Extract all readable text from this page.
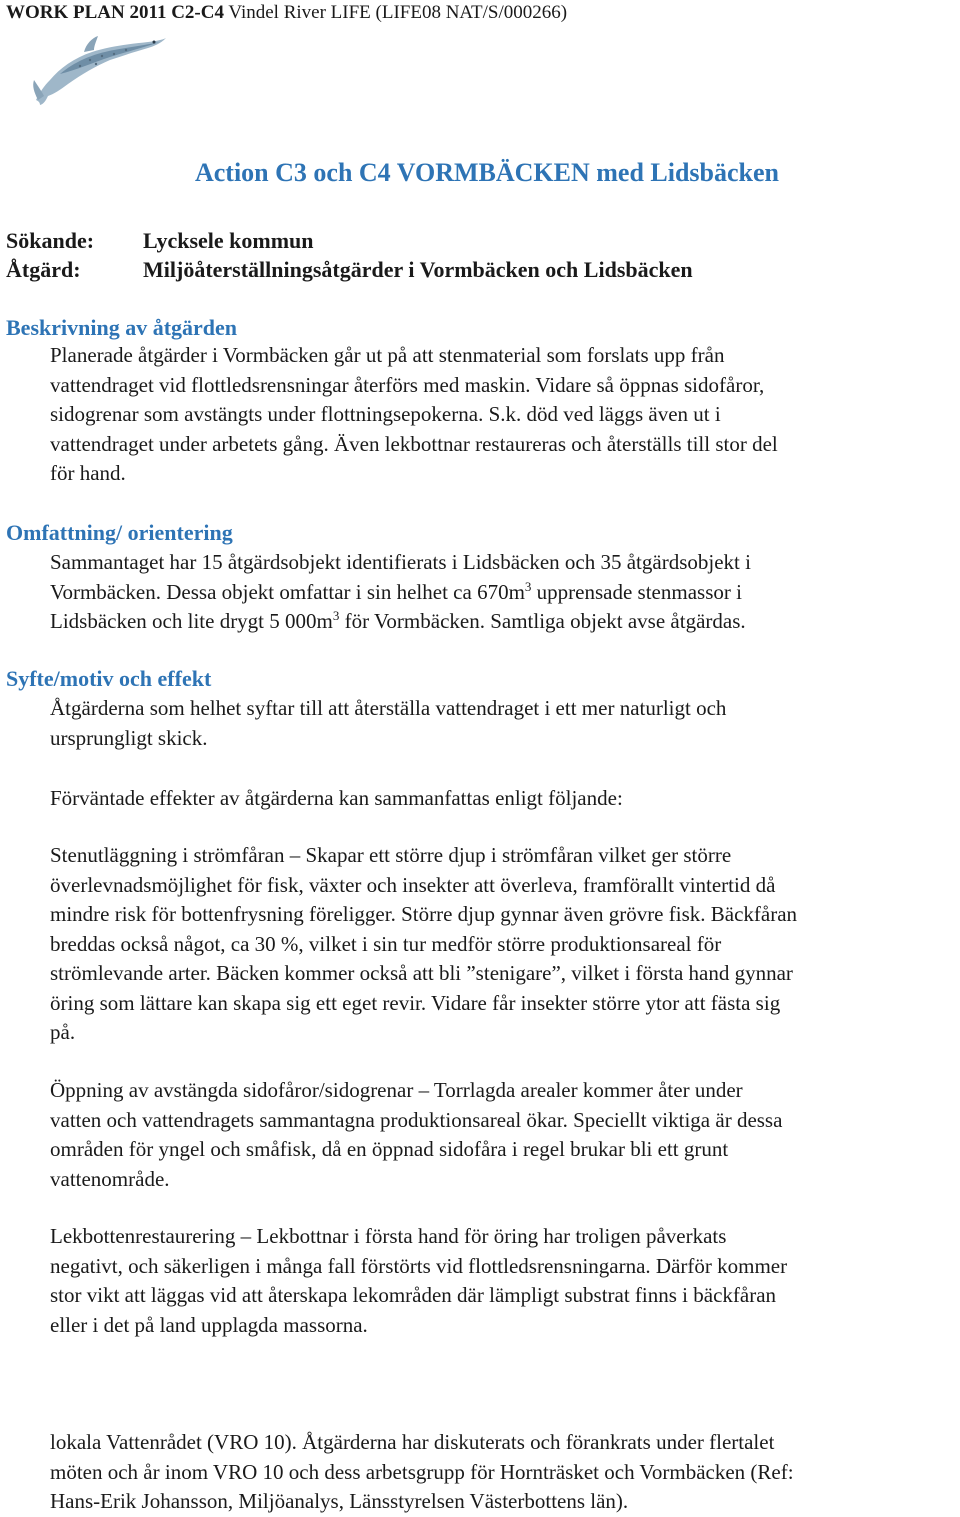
WORK PLAN 2011 C2-C4 Vindel River LIFE (LIFE08 NAT/S/000266)
Action C3 och C4 VORMBÄCKEN med Lidsbäcken
Sökande: Lycksele kommun
Åtgärd:	Miljöåterställningsåtgärder i Vormbäcken och Lidsbäcken
Beskrivning av åtgärden
Planerade åtgärder i Vormbäcken går ut på att stenmaterial som forslats upp från
vattendraget vid flottledsrensningar återförs med maskin. Vidare så öppnas sidofåror,
sidogrenar som avstängts under flottningsepokerna. S.k. död ved läggs även ut i
vattendraget under arbetets gång. Även lekbottnar restaureras och återställs till stor del
för hand.
Omfattning/ orientering
Sammantaget har 15 åtgärdsobjekt identifierats i Lidsbäcken och 35 åtgärdsobjekt i
Vormbäcken. Dessa objekt omfattar i sin helhet ca $670m^3$ upprensade stenmassor i
Lidsbäcken och lite drygt 5 $000m^3$ för Vormbäcken. Samtliga objekt avse åtgärdas.
Syfte/motiv och effekt
Åtgärderna som helhet syftar till att återställa vattendraget i ett mer naturligt och
ursprungligt skick.
Förväntade effekter av åtgärderna kan sammanfattas enligt följande:
Stenutläggning i strömfåran – Skapar ett större djup i strömfåran vilket ger större
överlevnadsmöjlighet för fisk, växter och insekter att överleva, framförallt vintertid då
mindre risk för bottenfrysning föreligger. Större djup gynnar även grövre fisk. Bäckfåran
breddas också något, ca 30 %, vilket i sin tur medför större produktionsareal för
strömlevande arter. Bäcken kommer också att bli ”stenigare”, vilket i första hand gynnar
öring som lättare kan skapa sig ett eget revir. Vidare får insekter större ytor att fästa sig
på.
Öppning av avstängda sidofåror/sidogrenar – Torrlagda arealer kommer åter under
vatten och vattendragets sammantagna produktionsareal ökar. Speciellt viktiga är dessa
områden för yngel och småfisk, då en öppnad sidofåra i regel brukar bli ett grunt
vattenområde.
Lekbottenrestaurering – Lekbottnar i första hand för öring har troligen påverkats
negativt, och säkerligen i många fall förstörts vid flottledsrensningarna. Därför kommer
stor vikt att läggas vid att återskapa lekområden där lämpligt substrat finns i bäckfåran
eller i det på land upplagda massorna.
lokala Vattenrådet (VRO 10). Åtgärderna har diskuterats och förankrats under flertalet
möten och år inom VRO 10 och dess arbetsgrupp för Hornträsket och Vormbäcken (Ref:
Hans-Erik Johansson, Miljöanalys, Länsstyrelsen Västerbottens län).
